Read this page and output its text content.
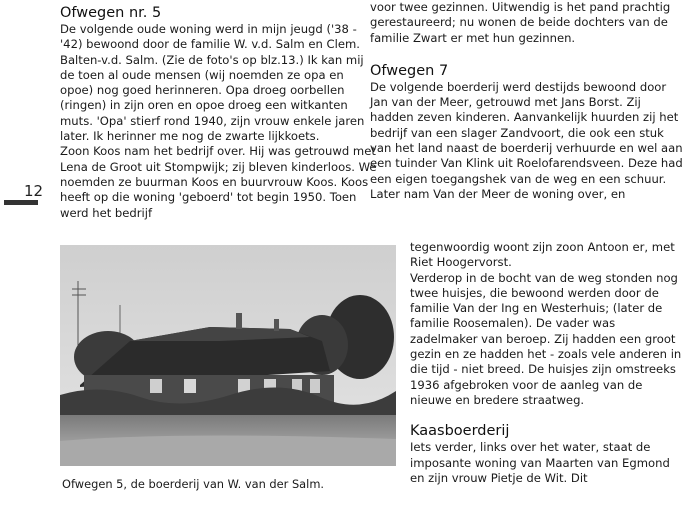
Ofwegen nr. 5

De volgende oude woning werd in mijn jeugd ('38 - '42) bewoond door de familie W. v.d. Salm en Clem. Balten-v.d. Salm. (Zie de foto's op blz.13.) Ik kan mij de toen al oude mensen (wij noemden ze opa en opoe) nog goed herinneren. Opa droeg oorbellen (ringen) in zijn oren en opoe droeg een witkanten muts. 'Opa' stierf rond 1940, zijn vrouw enkele jaren later. Ik herinner me nog de zwarte lijkkoets.

Zoon Koos nam het bedrijf over. Hij was getrouwd met Lena de Groot uit Stompwijk; zij bleven kinderloos. We noemden ze buurman Koos en buurvrouw Koos. Koos heeft op die woning 'geboerd' tot begin 1950. Toen werd het bedrijf

12
Ofwegen 5, de boerderij van W. van der Salm.

voor twee gezinnen. Uitwendig is het pand prachtig gerestaureerd; nu wonen de beide dochters van de familie Zwart er met hun gezinnen.

Ofwegen 7

De volgende boerderij werd destijds bewoond door Jan van der Meer, getrouwd met Jans Borst. Zij hadden zeven kinderen. Aanvankelijk huurden zij het bedrijf van een slager Zandvoort, die ook een stuk van het land naast de boerderij verhuurde en wel aan een tuinder Van Klink uit Roelofarendsveen. Deze had een eigen toegangshek van de weg en een schuur. Later nam Van der Meer de woning over, en

tegenwoordig woont zijn zoon Antoon er, met Riet Hoogervorst.

Verderop in de bocht van de weg stonden nog twee huisjes, die bewoond werden door de familie Van der Ing en Westerhuis; (later de familie Roosemalen). De vader was zadelmaker van beroep. Zij hadden een groot gezin en ze hadden het - zoals vele anderen in die tijd - niet breed. De huisjes zijn omstreeks 1936 afgebroken voor de aanleg van de nieuwe en bredere straatweg.

Kaasboerderij

Iets verder, links over het water, staat de imposante woning van Maarten van Egmond en zijn vrouw Pietje de Wit. Dit
